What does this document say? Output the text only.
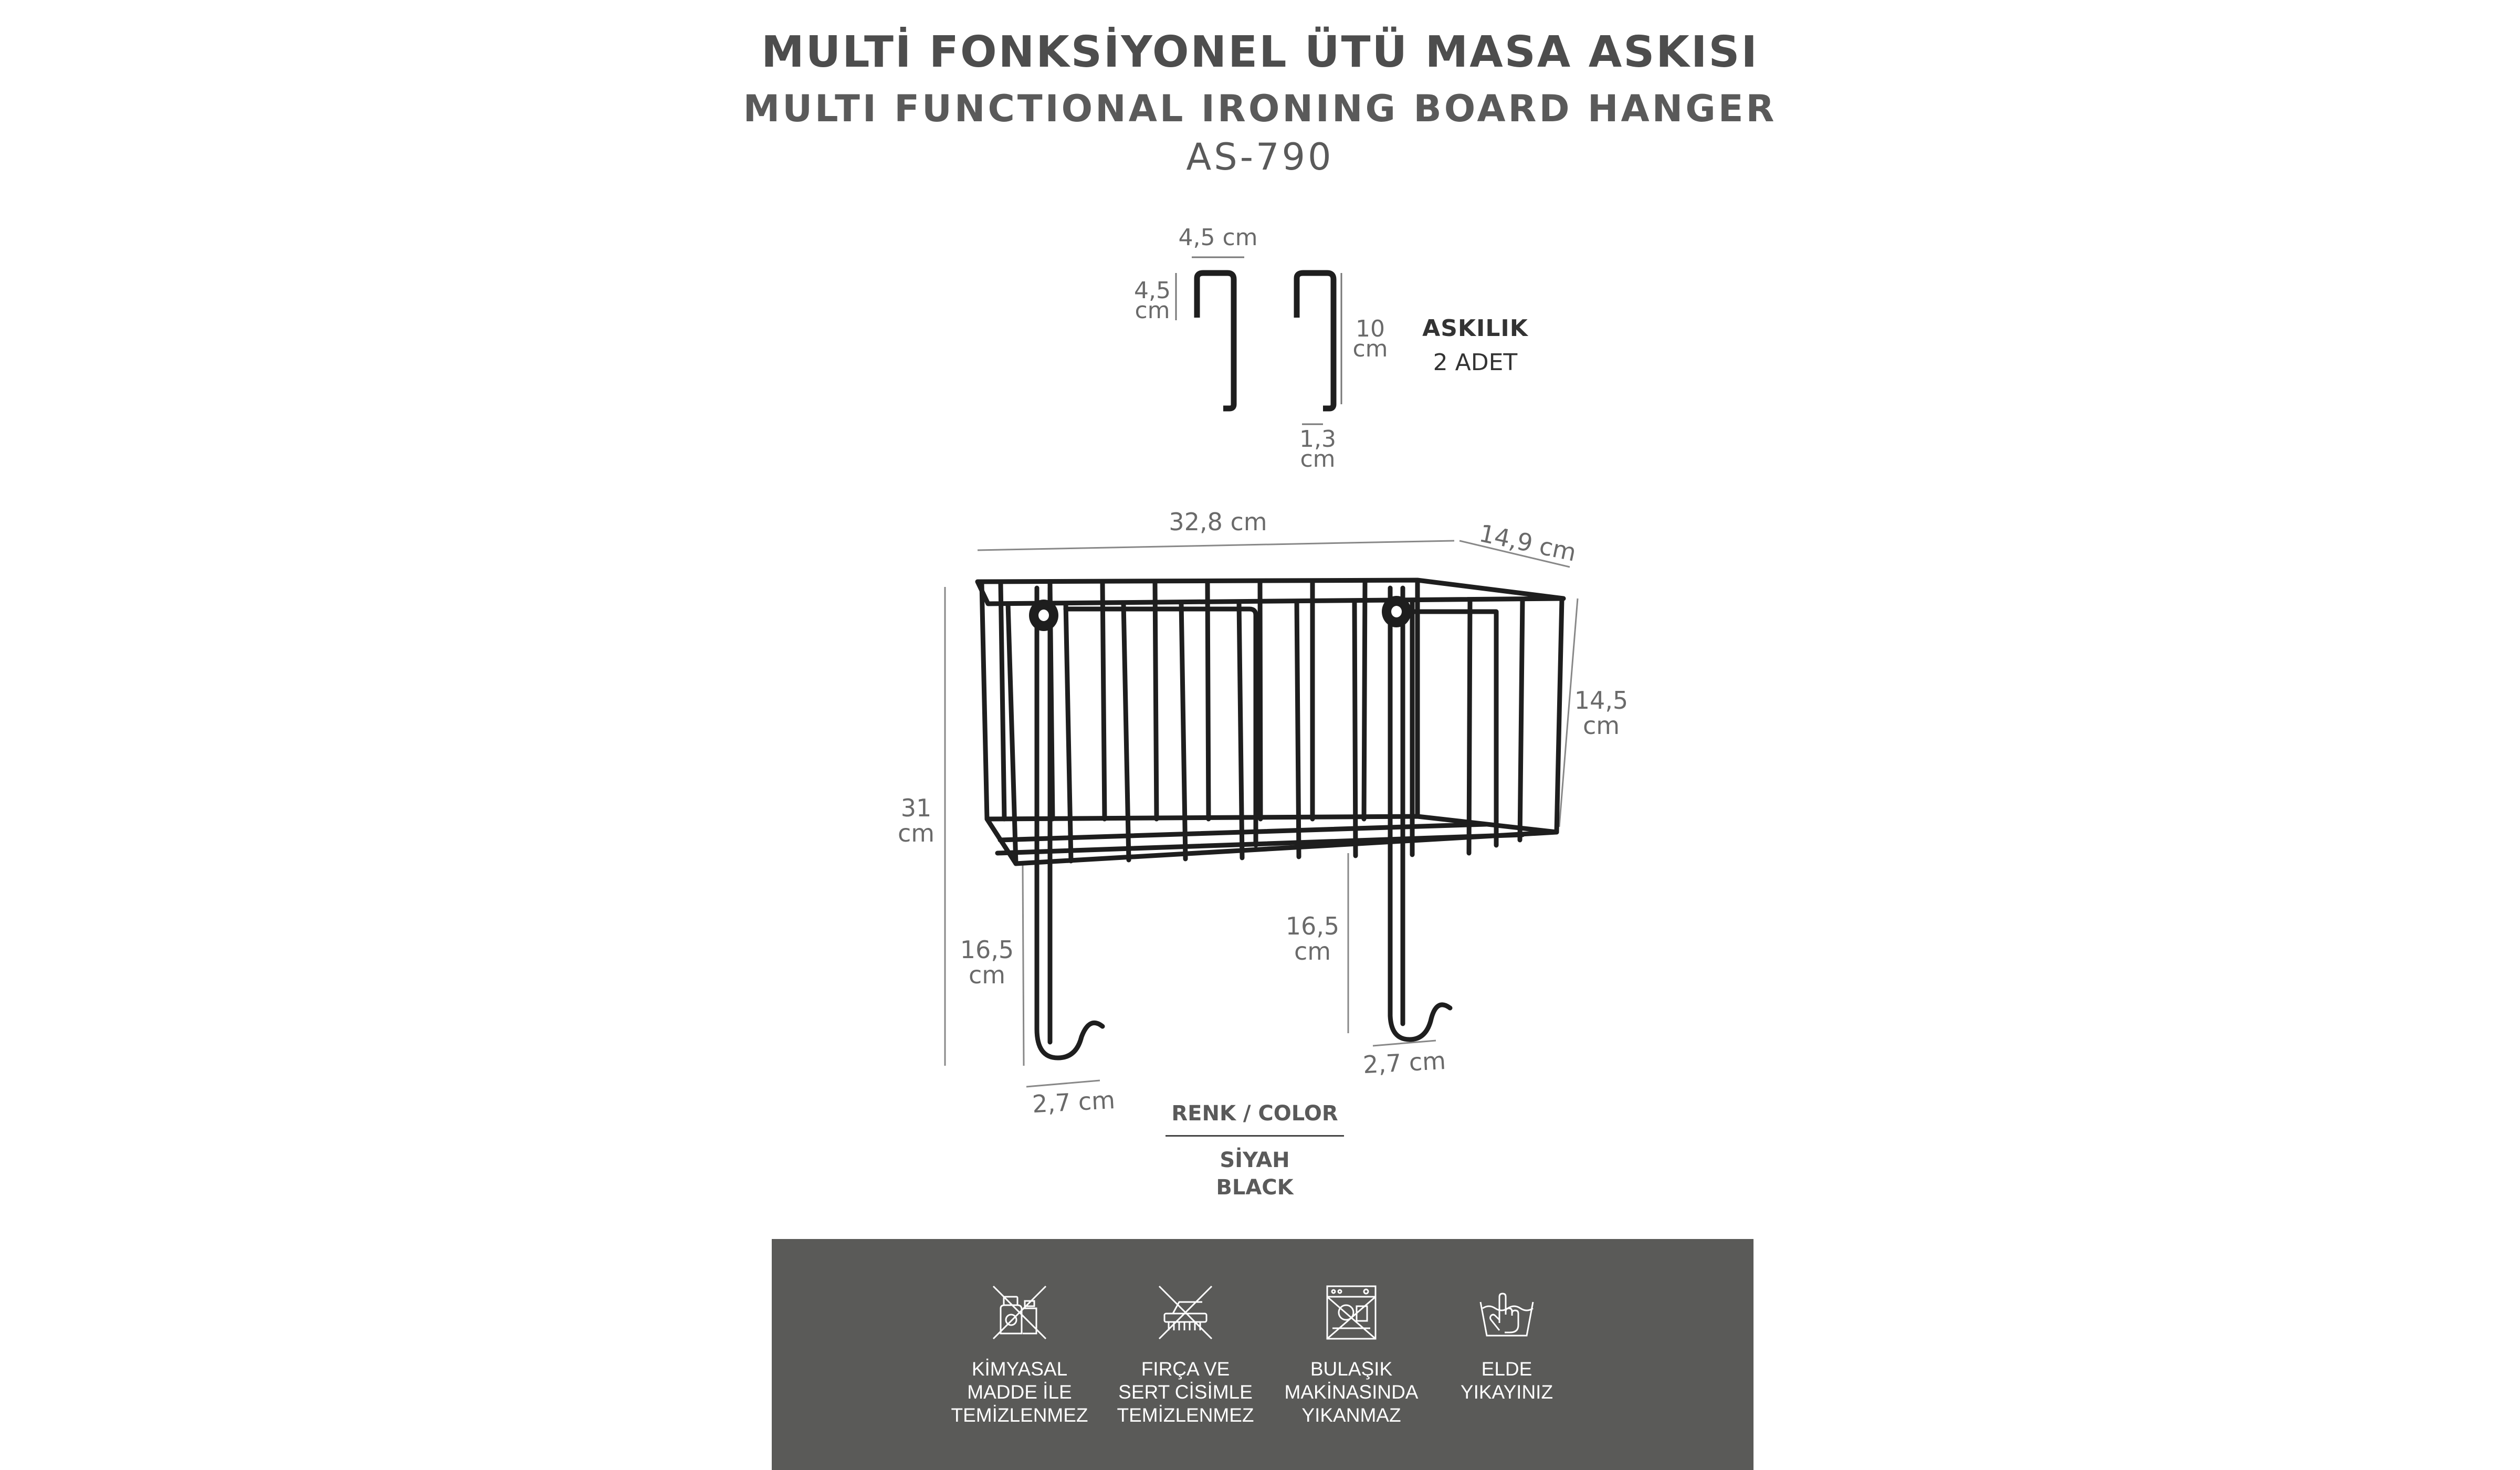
MULTİ FONKSİYONEL ÜTÜ MASA ASKISI
MULTI FUNCTIONAL IRONING BOARD HANGER
AS-790
4,5 cm
4,5
cm
10
cm
1,3
cm
ASKILIK
2 ADET
32,8 cm	14,9 cm
14,5
cm
31
cm
16,5
cm
16,5
cm
2,7 cm
2,7 cm
RENK / COLOR
SİYAH
BLACK
KİMYASAL
MADDE İLE
TEMİZLENMEZ
FIRÇA VE
SERT CİSİMLE
TEMİZLENMEZ
BULAŞIK
MAKİNASINDA
YIKANMAZ
ELDE
YIKAYINIZ
